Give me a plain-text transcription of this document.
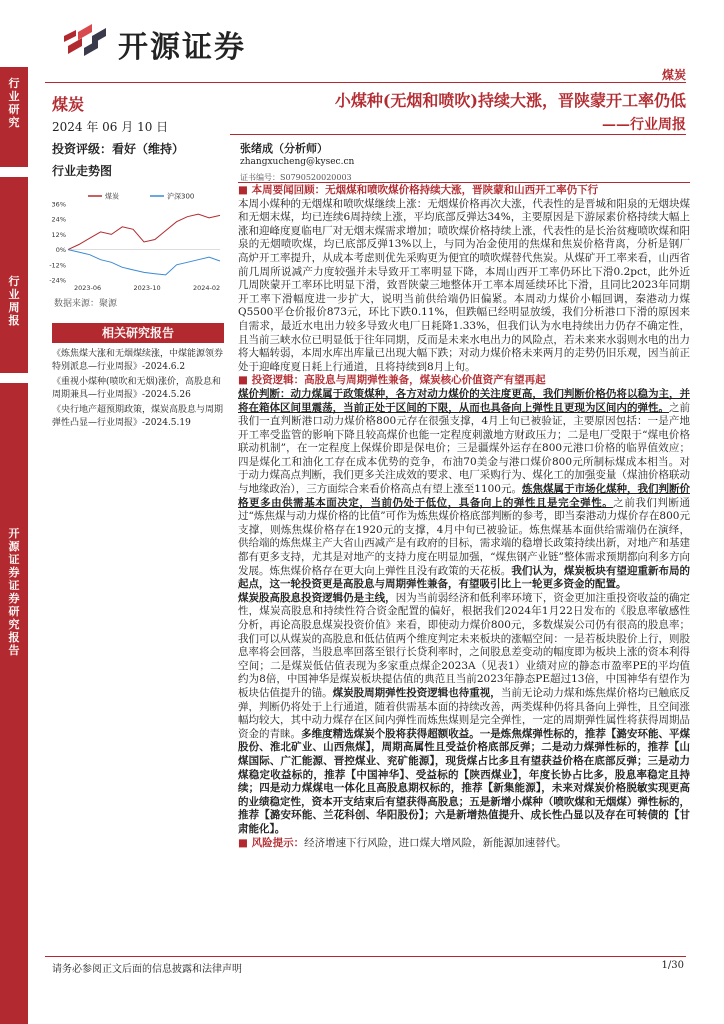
行业研究
行业周报
开源证券证券研究报告
开源证券
煤炭
煤炭
2024 年 06 月 10 日
投资评级：看好（维持）
行业走势图
36%
24%
12%
0%
-12%
-24%
2023-06	2023-10	2024-02
煤炭	沪深300
数据来源：聚源
相关研究报告
《炼焦煤大涨和无烟煤续涨，中煤能源领券特别派息—行业周报》-2024.6.2
《重视小煤种(喷吹和无烟)涨价，高股息和周期兼具—行业周报》-2024.5.26
《央行地产超预期政策，煤炭高股息与周期弹性凸显—行业周报》-2024.5.19
小煤种(无烟和喷吹)持续大涨，晋陕蒙开工率仍低
——行业周报
张绪成（分析师）
zhangxucheng@kysec.cn
证书编号：S0790520020003

■ 本周要闻回顾：无烟煤和喷吹煤价格持续大涨，晋陕蒙和山西开工率仍下行

本周小煤种的无烟煤和喷吹煤继续上涨：无烟煤价格再次大涨，代表性的是晋城和阳泉的无烟块煤和无烟末煤，均已连续6周持续上涨，平均底部反弹达34%，主要原因是下游尿素价格持续大幅上涨和迎峰度夏临电厂对无烟末煤需求增加；喷吹煤价格持续上涨，代表性的是长治贫瘦喷吹煤和阳泉的无烟喷吹煤，均已底部反弹13%以上，与同为冶金使用的焦煤和焦炭价格背离，分析是钢厂高炉开工率提升，从成本考虑则优先采购更为便宜的喷吹煤替代焦炭。从煤矿开工率来看，山西省前几周所说减产力度较强并未导致开工率明显下降，本周山西开工率仍环比下滑0.2pct，此外近几周陕蒙开工率环比明显下滑，致晋陕蒙三地整体开工率本周延续环比下滑，且同比2023年同期开工率下滑幅度进一步扩大，说明当前供给端仍旧偏紧。本周动力煤价小幅回调，秦港动力煤Q5500平仓价报价873元，环比下跌0.11%，但跌幅已经明显放缓，我们分析港口下滑的原因来自需求，最近水电出力较多导致火电厂日耗降1.33%，但我们认为水电持续出力仍存不确定性，且当前三峡水位已明显低于往年同期，反而是未来水电出力的风险点，若未来来水弱则水电的出力将大幅转弱，本周水库出库量已出现大幅下跌；对动力煤价格未来两月的走势仍旧乐观，因当前正处于迎峰度夏日耗上行通道，且将持续到8月上旬。

■ 投资逻辑：高股息与周期弹性兼备，煤炭核心价值资产有望再起

煤价判断：动力煤属于政策煤种，各方对动力煤价的关注度更高，我们判断价格仍将以稳为主，并将在箱体区间里震荡，当前正处于区间的下限，从而也具备向上弹性且更现为区间内的弹性。之前我们一直判断港口动力煤价格800元存在很强支撑，4月上旬已被验证，主要原因包括：一是产地开工率受监管的影响下降且较高煤价也能一定程度刺激地方财政压力；二是电厂受限于“煤电价格联动机制”，在一定程度上保煤价即是保电价；三是疆煤外运存在800元港口价格的临界值效应；四是煤化工和油化工存在成本优势的竞争，布油70美金与港口煤价800元所制标煤成本相当。对于动力煤高点判断，我们更多关注成效的要求、电厂采购行为、煤化工的加强变量（煤油价格联动与地缘政治），三方面综合来看价格高点有望上涨至1100元。炼焦煤属于市场化煤种，我们判断价格更多由供需基本面决定，当前仍处于低位，具备向上的弹性且是完全弹性。之前我们判断通过“炼焦煤与动力煤价格的比值”可作为炼焦煤价格底部判断的参考，即当秦港动力煤价存在800元支撑，则炼焦煤价格存在1920元的支撑，4月中旬已被验证。炼焦煤基本面供给需端仍在演绎，供给端的炼焦煤主产大省山西减产是有政府的目标，需求端的稳增长政策持续出新，对地产和基建都有更多支持，尤其是对地产的支持力度在明显加强，“煤焦钢产业链”整体需求预期都向利多方向发展。炼焦煤价格存在更大向上弹性且没有政策的天花板。我们认为，煤炭板块有望迎重新布局的起点，这一轮投资更是高股息与周期弹性兼备，有望吸引比上一轮更多资金的配置。

煤炭股高股息投资逻辑仍是主线，因为当前弱经济和低利率环境下，资金更加注重投资收益的确定性，煤炭高股息和持续性符合资金配置的偏好，根据我们2024年1月22日发布的《股息率敏感性分析，再论高股息煤炭投资价值》来看，即使动力煤价800元，多数煤炭公司仍有很高的股息率；我们可以从煤炭的高股息和低估值两个维度判定未来板块的涨幅空间：一是若板块股价上行，则股息率将会回落，当股息率回落至银行长贷利率时，之间股息差变动的幅度即为板块上涨的资本利得空间；二是煤炭低估值表现为多家重点煤企2023A（见表1）业绩对应的静态市盈率PE的平均值约为8倍，中国神华是煤炭板块提估值的典范且当前2023年静态PE超过13倍，中国神华有望作为板块估值提升的锚。煤炭股周期弹性投资逻辑也待重视，当前无论动力煤和炼焦煤价格均已触底反弹，判断仍将处于上行通道，随着供需基本面的持续改善，两类煤种仍将具备向上弹性，且空间涨幅均较大，其中动力煤存在区间内弹性而炼焦煤则是完全弹性，一定的周期弹性属性将获得周期品资金的青睐。多维度精选煤炭个股将获得超额收益。一是炼焦煤弹性标的，推荐【潞安环能、平煤股份、淮北矿业、山西焦煤】，周期高属性且受益价格底部反弹；二是动力煤弹性标的，推荐【山煤国际、广汇能源、晋控煤业、兖矿能源】，现货煤占比多且有望获益价格在底部反弹；三是动力煤稳定收益标的，推荐【中国神华】、受益标的【陕西煤业】，年度长协占比多，股息率稳定且持续；四是动力煤煤电一体化且高股息期权标的，推荐【新集能源】，未来对煤炭价格脱敏实现更高的业绩稳定性，资本开支结束后有望获得高股息；五是新增小煤种（喷吹煤和无烟煤）弹性标的，推荐【潞安环能、兰花科创、华阳股份】；六是新增热值提升、成长性凸显以及存在可转债的【甘肃能化】。

■ 风险提示：经济增速下行风险，进口煤大增风险，新能源加速替代。

请务必参阅正文后面的信息披露和法律声明	1/30
